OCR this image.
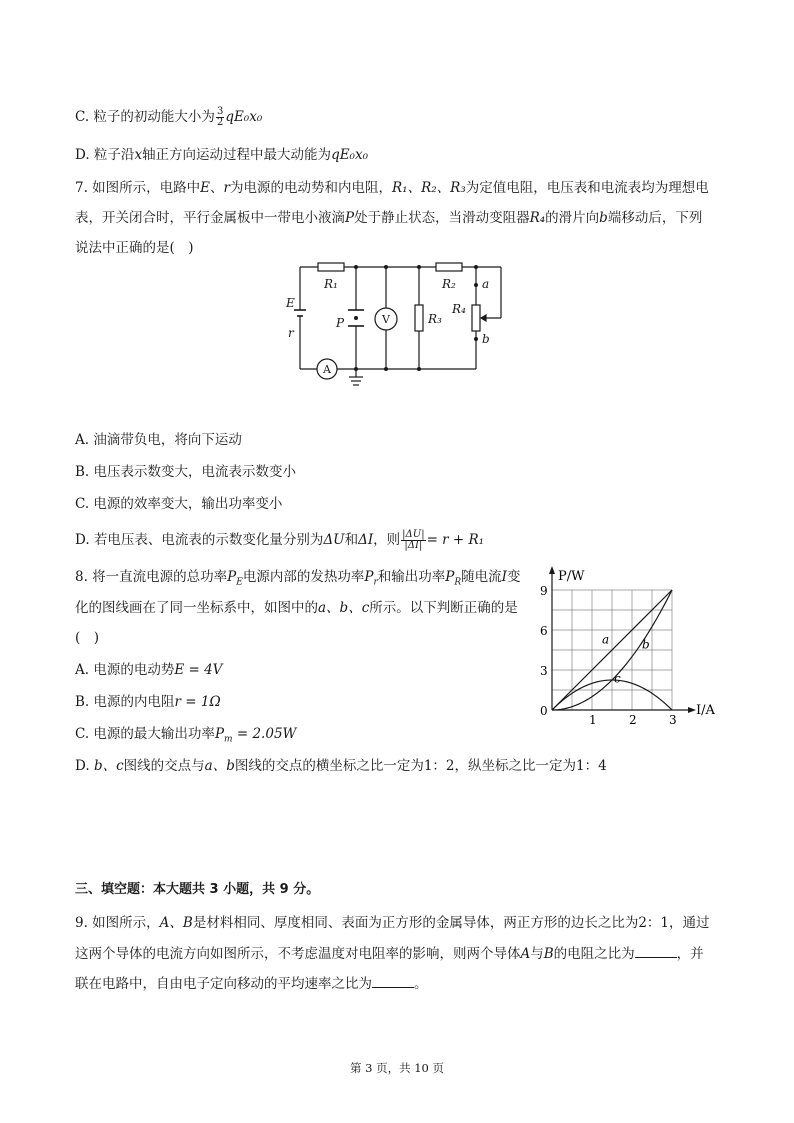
C. 粒子的初动能大小为 $\frac{3}{2} qE_0x_0$
D. 粒子沿x轴正方向运动过程中最大动能为qE₀x₀
7. 如图所示，电路中E、r为电源的电动势和内电阻，R₁、R₂、R₃为定值电阻，电压表和电流表均为理想电
表，开关闭合时，平行金属板中一带电小液滴P处于静止状态，当滑动变阻器R₄的滑片向b端移动后，下列
说法中正确的是(　)
R₁	R₂
R₃
R₄
E
r
P
a
b
V
A
A. 油滴带负电，将向下运动
B. 电压表示数变大，电流表示数变小
C. 电源的效率变大，输出功率变小
D. 若电压表、电流表的示数变化量分别为ΔU和ΔI，则 $\frac{|\Delta U|}{|\Delta I|} = r + R_1$
8. 将一直流电源的总功率$P_E$电源内部的发热功率$P_r$和输出功率$P_R$随电流I变
化的图线画在了同一坐标系中，如图中的a、b、c所示。以下判断正确的是
(　)
A. 电源的电动势E = 4V
B. 电源的内电阻r = 1Ω
C. 电源的最大输出功率$P_m = 2.05W$
D. b、c图线的交点与a、b图线的交点的横坐标之比一定为1：2，纵坐标之比一定为1：4
P/W
I/A
0
1	2	3
3
6
9
a	b
c
三、填空题：本大题共 3 小题，共 9 分。
9. 如图所示，A、B是材料相同、厚度相同、表面为正方形的金属导体，两正方形的边长之比为2：1，通过
这两个导体的电流方向如图所示，不考虑温度对电阻率的影响，则两个导体A与B的电阻之比为	，并
联在电路中，自由电子定向移动的平均速率之比为	。
第 3 页，共 10 页
